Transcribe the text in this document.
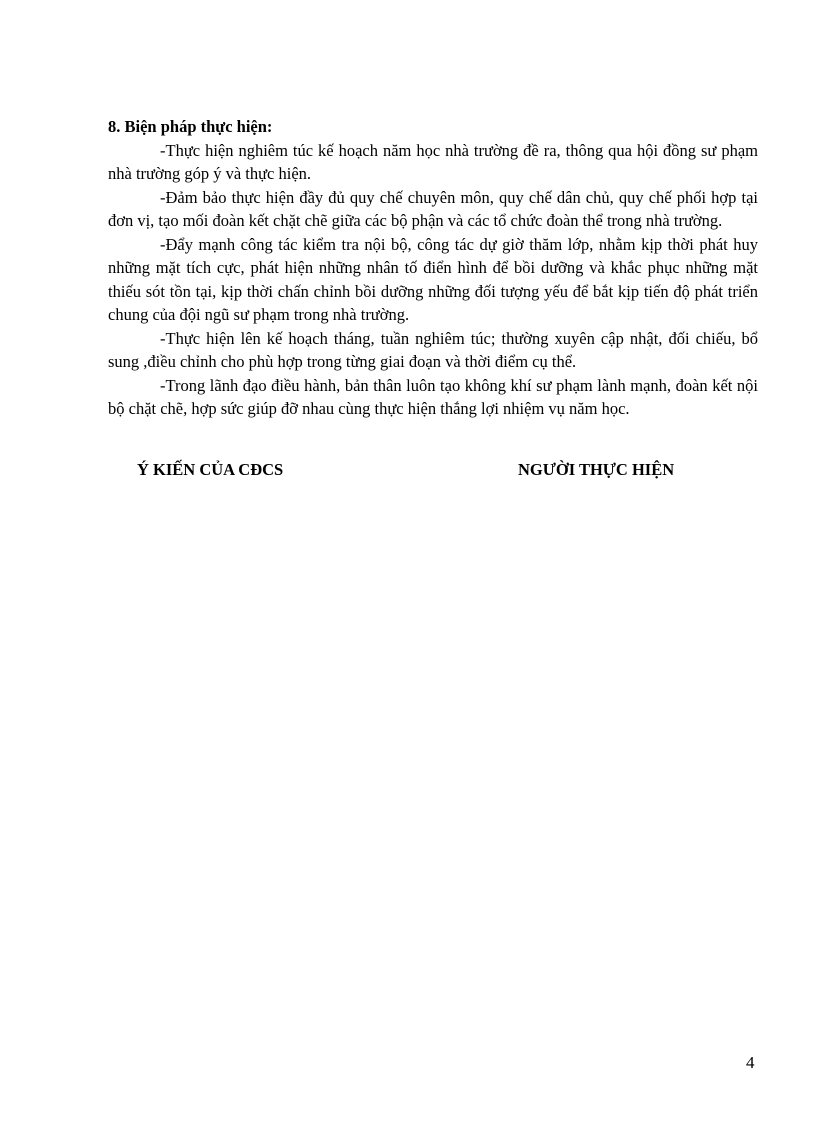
8. Biện pháp thực hiện:

-Thực hiện nghiêm túc kế hoạch năm học nhà trường đề ra, thông qua hội đồng sư phạm nhà trường góp ý và thực hiện.

-Đảm bảo thực hiện đầy đủ quy chế chuyên môn, quy chế dân chủ, quy chế phối hợp tại đơn vị, tạo mối đoàn kết chặt chẽ giữa các bộ phận và các tổ chức đoàn thể trong nhà trường.

-Đẩy mạnh công tác kiểm tra nội bộ, công tác dự giờ thăm lớp, nhằm kịp thời phát huy những mặt tích cực, phát hiện những nhân tố điển hình để bồi dưỡng và khắc phục những mặt thiếu sót tồn tại, kịp thời chấn chỉnh bồi dưỡng những đối tượng yếu để bắt kịp tiến độ phát triển chung của đội ngũ sư phạm trong nhà trường.

-Thực hiện lên kế hoạch tháng, tuần nghiêm túc; thường xuyên cập nhật, đối chiếu, bổ sung ,điều chỉnh cho phù hợp trong từng giai đoạn và thời điểm cụ thể.

-Trong lãnh đạo điều hành, bản thân luôn tạo không khí sư phạm lành mạnh, đoàn kết nội bộ chặt chẽ, hợp sức giúp đỡ nhau cùng thực hiện thắng lợi nhiệm vụ năm học.

Ý KIẾN CỦA CĐCS	NGƯỜI THỰC HIỆN
4
